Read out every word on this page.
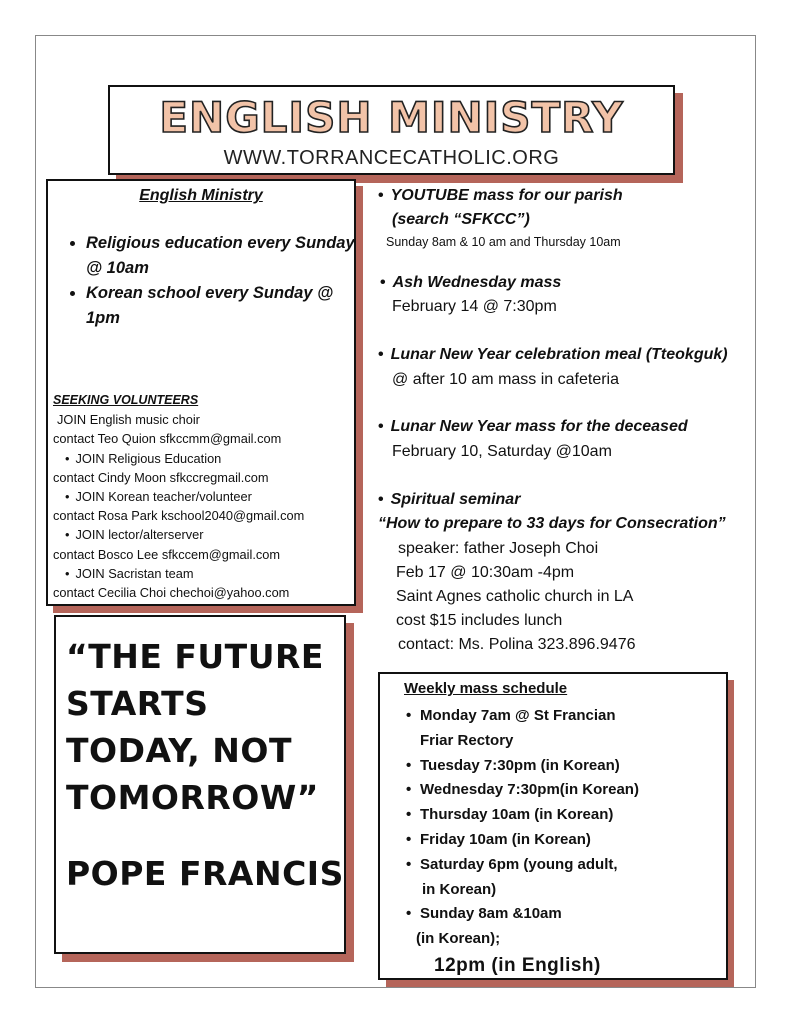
ENGLISH MINISTRY
WWW.TORRANCECATHOLIC.ORG
English Ministry
• Religious education every Sunday @ 10am
• Korean school every Sunday @ 1pm
SEEKING VOLUNTEERS
JOIN English music choir
contact Teo Quion sfkccmm@gmail.com
• JOIN Religious Education
contact Cindy Moon sfkccregmail.com
• JOIN Korean teacher/volunteer
contact Rosa Park kschool2040@gmail.com
• JOIN lector/alterserver
contact Bosco Lee sfkccem@gmail.com
• JOIN Sacristan team
contact Cecilia Choi chechoi@yahoo.com
“THE FUTURE STARTS TODAY, NOT TOMORROW”
POPE FRANCIS
• YOUTUBE mass for our parish
(search “SFKCC”)
Sunday 8am & 10 am and Thursday 10am
• Ash Wednesday mass
February 14 @ 7:30pm
• Lunar New Year celebration meal (Tteokguk)
@ after 10 am mass in cafeteria
• Lunar New Year mass for the deceased
February 10, Saturday @10am
• Spiritual seminar
“How to prepare to 33 days for Consecration”
speaker: father Joseph Choi
Feb 17 @ 10:30am -4pm
Saint Agnes catholic church in LA
cost $15 includes lunch
contact: Ms. Polina 323.896.9476
Weekly mass schedule
• Monday 7am @ St Francian
Friar Rectory
• Tuesday 7:30pm (in Korean)
• Wednesday 7:30pm(in Korean)
• Thursday 10am (in Korean)
• Friday 10am (in Korean)
• Saturday 6pm (young adult,
in Korean)
• Sunday 8am &10am
(in Korean);
12pm (in English)
